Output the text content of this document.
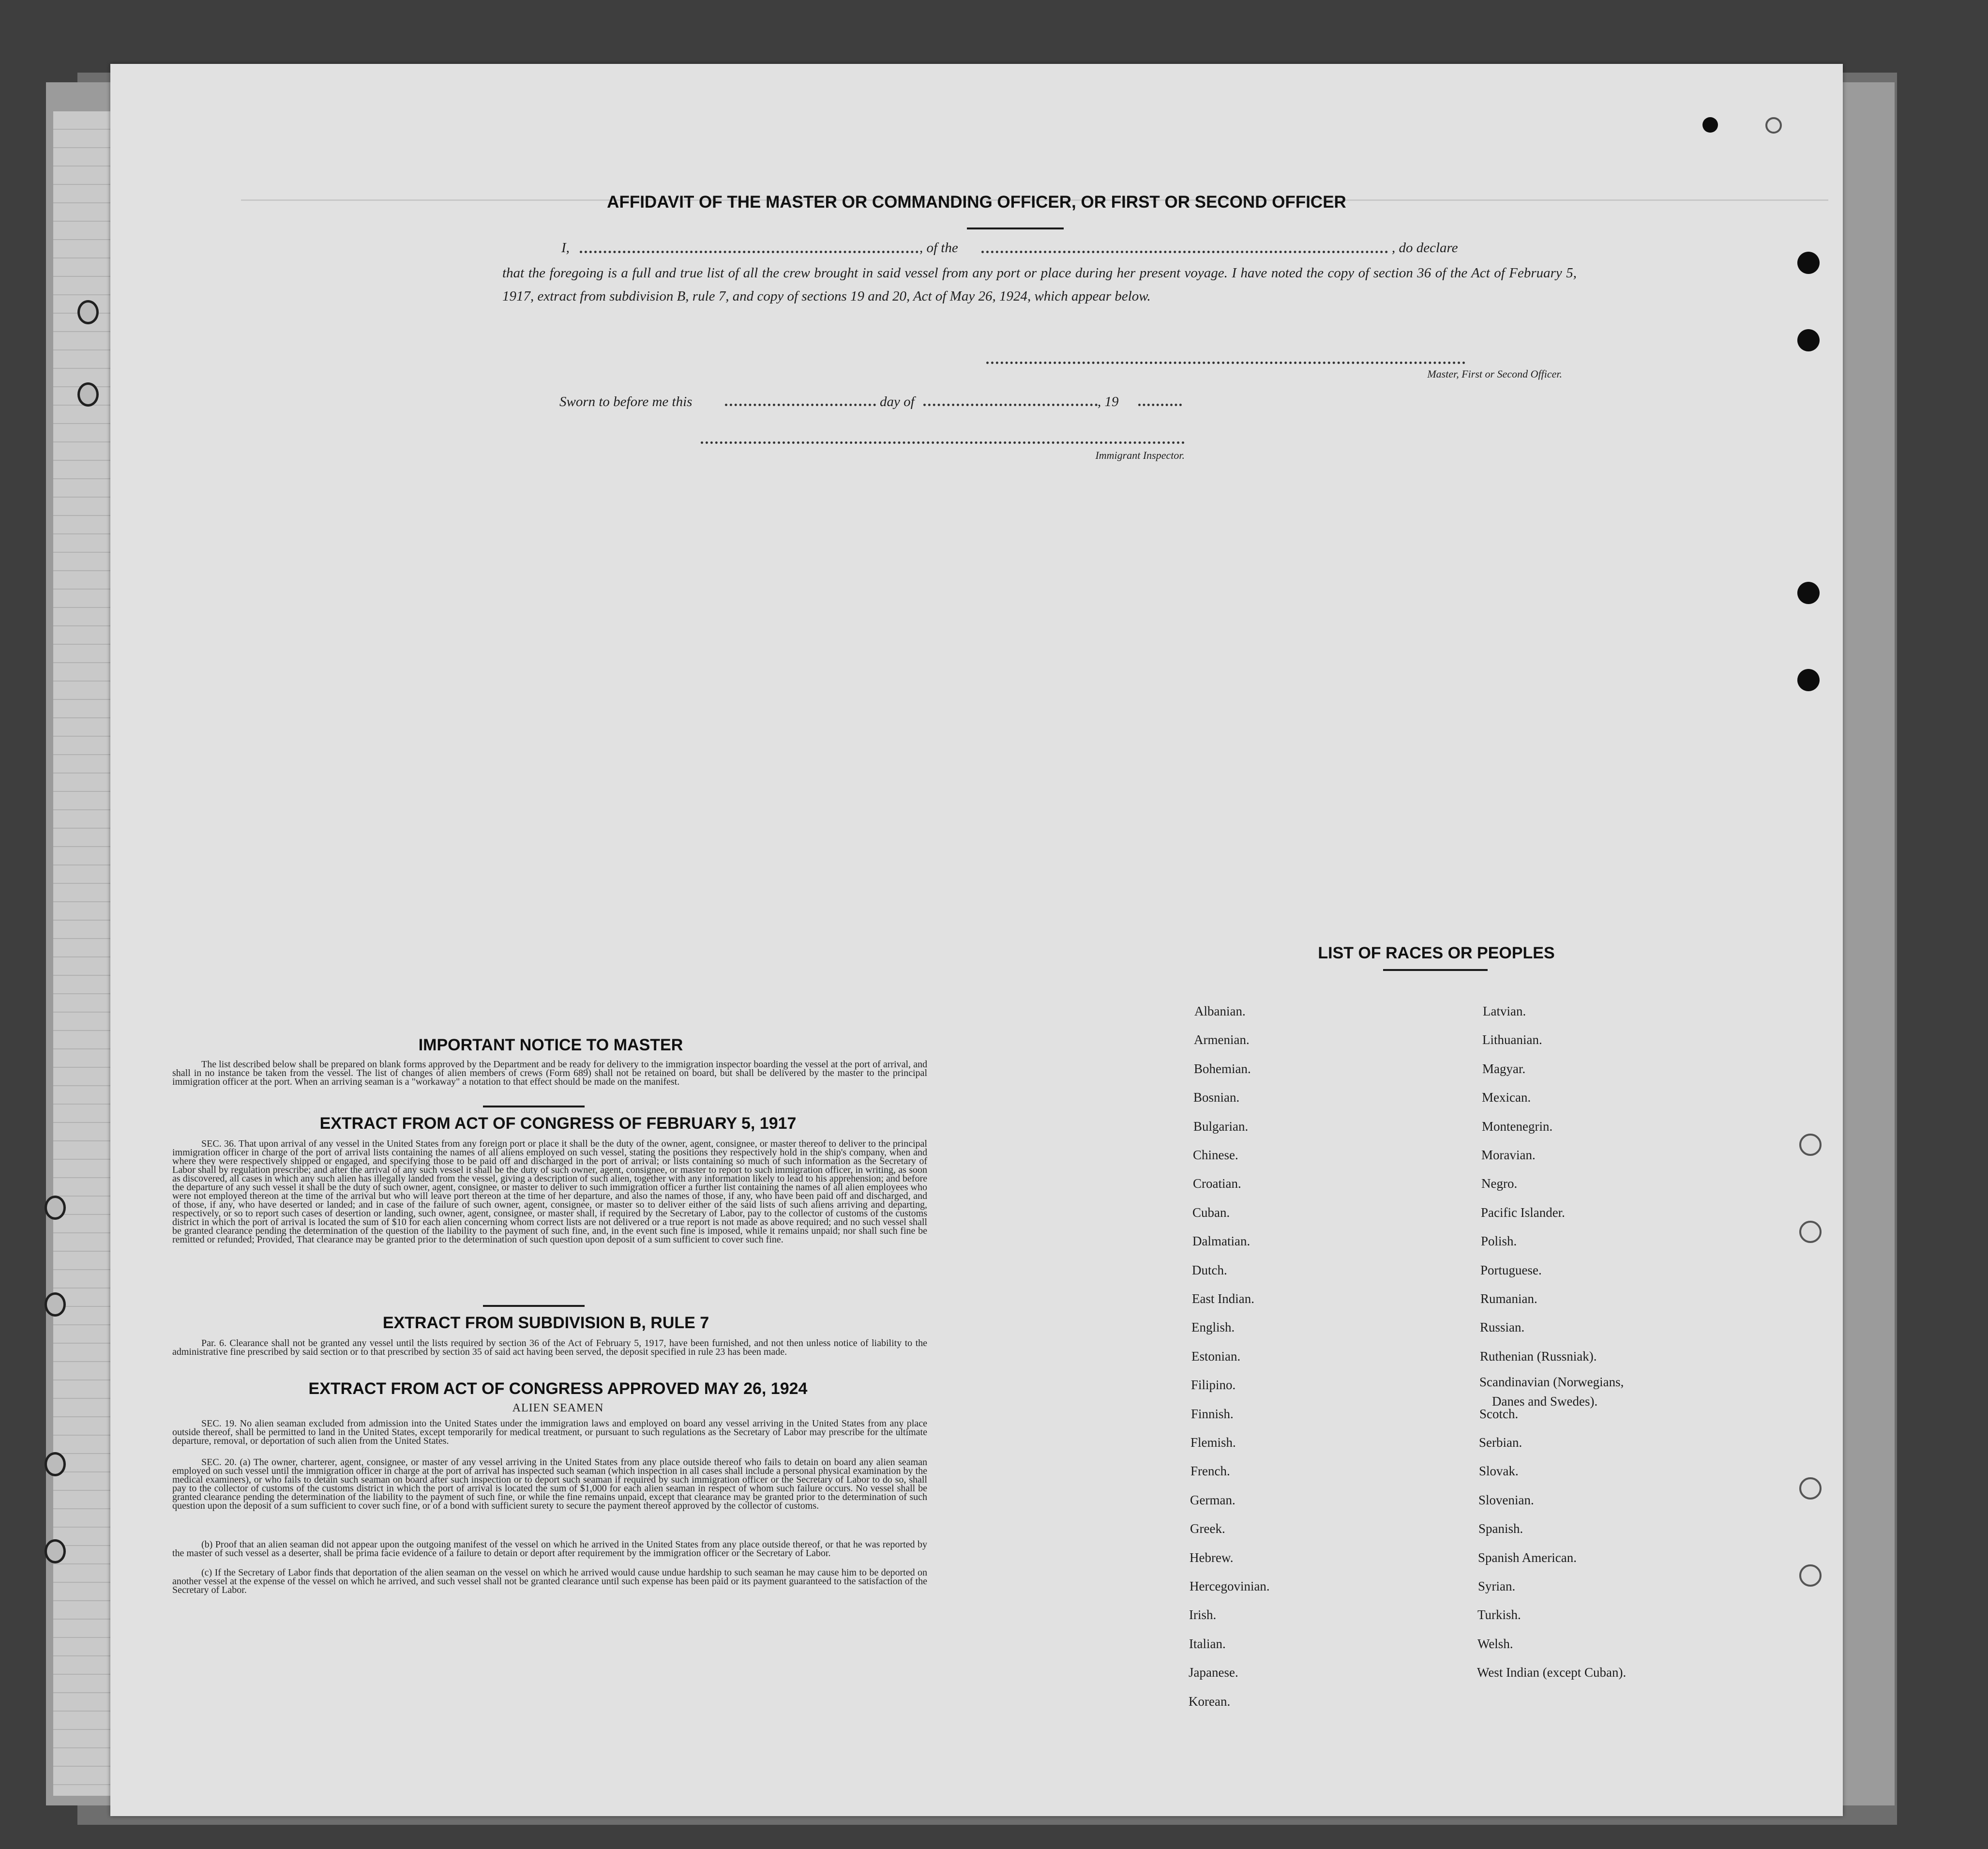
AFFIDAVIT OF THE MASTER OR COMMANDING OFFICER, OR FIRST OR SECOND OFFICER
I,	, of the	, do declare
that the foregoing is a full and true list of all the crew brought in said vessel from any port or place during her present voyage. I have noted the copy of section 36 of the Act of February 5, 1917, extract from subdivision B, rule 7, and copy of sections 19 and 20, Act of May 26, 1924, which appear below.
Master, First or Second Officer.
Sworn to before me this	day of	, 19
Immigrant Inspector.
IMPORTANT NOTICE TO MASTER
The list described below shall be prepared on blank forms approved by the Department and be ready for delivery to the immigration inspector boarding the vessel at the port of arrival, and shall in no instance be taken from the vessel. The list of changes of alien members of crews (Form 689) shall not be retained on board, but shall be delivered by the master to the principal immigration officer at the port. When an arriving seaman is a "workaway" a notation to that effect should be made on the manifest.
EXTRACT FROM ACT OF CONGRESS OF FEBRUARY 5, 1917
SEC. 36. That upon arrival of any vessel in the United States from any foreign port or place it shall be the duty of the owner, agent, consignee, or master thereof to deliver to the principal immigration officer in charge of the port of arrival lists containing the names of all aliens employed on such vessel, stating the positions they respectively hold in the ship's company, when and where they were respectively shipped or engaged, and specifying those to be paid off and discharged in the port of arrival; or lists containing so much of such information as the Secretary of Labor shall by regulation prescribe; and after the arrival of any such vessel it shall be the duty of such owner, agent, consignee, or master to report to such immigration officer, in writing, as soon as discovered, all cases in which any such alien has illegally landed from the vessel, giving a description of such alien, together with any information likely to lead to his apprehension; and before the departure of any such vessel it shall be the duty of such owner, agent, consignee, or master to deliver to such immigration officer a further list containing the names of all alien employees who were not employed thereon at the time of the arrival but who will leave port thereon at the time of her departure, and also the names of those, if any, who have been paid off and discharged, and of those, if any, who have deserted or landed; and in case of the failure of such owner, agent, consignee, or master so to deliver either of the said lists of such aliens arriving and departing, respectively, or so to report such cases of desertion or landing, such owner, agent, consignee, or master shall, if required by the Secretary of Labor, pay to the collector of customs of the customs district in which the port of arrival is located the sum of $10 for each alien concerning whom correct lists are not delivered or a true report is not made as above required; and no such vessel shall be granted clearance pending the determination of the question of the liability to the payment of such fine, and, in the event such fine is imposed, while it remains unpaid; nor shall such fine be remitted or refunded; Provided, That clearance may be granted prior to the determination of such question upon deposit of a sum sufficient to cover such fine.
EXTRACT FROM SUBDIVISION B, RULE 7
Par. 6. Clearance shall not be granted any vessel until the lists required by section 36 of the Act of February 5, 1917, have been furnished, and not then unless notice of liability to the administrative fine prescribed by said section or to that prescribed by section 35 of said act having been served, the deposit specified in rule 23 has been made.
EXTRACT FROM ACT OF CONGRESS APPROVED MAY 26, 1924
ALIEN SEAMEN
SEC. 19. No alien seaman excluded from admission into the United States under the immigration laws and employed on board any vessel arriving in the United States from any place outside thereof, shall be permitted to land in the United States, except temporarily for medical treatment, or pursuant to such regulations as the Secretary of Labor may prescribe for the ultimate departure, removal, or deportation of such alien from the United States.
SEC. 20. (a) The owner, charterer, agent, consignee, or master of any vessel arriving in the United States from any place outside thereof who fails to detain on board any alien seaman employed on such vessel until the immigration officer in charge at the port of arrival has inspected such seaman (which inspection in all cases shall include a personal physical examination by the medical examiners), or who fails to detain such seaman on board after such inspection or to deport such seaman if required by such immigration officer or the Secretary of Labor to do so, shall pay to the collector of customs of the customs district in which the port of arrival is located the sum of $1,000 for each alien seaman in respect of whom such failure occurs. No vessel shall be granted clearance pending the determination of the liability to the payment of such fine, or while the fine remains unpaid, except that clearance may be granted prior to the determination of such question upon the deposit of a sum sufficient to cover such fine, or of a bond with sufficient surety to secure the payment thereof approved by the collector of customs.
(b) Proof that an alien seaman did not appear upon the outgoing manifest of the vessel on which he arrived in the United States from any place outside thereof, or that he was reported by the master of such vessel as a deserter, shall be prima facie evidence of a failure to detain or deport after requirement by the immigration officer or the Secretary of Labor.
(c) If the Secretary of Labor finds that deportation of the alien seaman on the vessel on which he arrived would cause undue hardship to such seaman he may cause him to be deported on another vessel at the expense of the vessel on which he arrived, and such vessel shall not be granted clearance until such expense has been paid or its payment guaranteed to the satisfaction of the Secretary of Labor.
LIST OF RACES OR PEOPLES
Albanian.
Armenian.
Bohemian.
Bosnian.
Bulgarian.
Chinese.
Croatian.
Cuban.
Dalmatian.
Dutch.
East Indian.
English.
Estonian.
Filipino.
Finnish.
Flemish.
French.
German.
Greek.
Hebrew.
Hercegovinian.
Irish.
Italian.
Japanese.
Korean.
Latvian.
Lithuanian.
Magyar.
Mexican.
Montenegrin.
Moravian.
Negro.
Pacific Islander.
Polish.
Portuguese.
Rumanian.
Russian.
Ruthenian (Russniak).
Scandinavian (Norwegians,
Danes and Swedes).
Scotch.
Serbian.
Slovak.
Slovenian.
Spanish.
Spanish American.
Syrian.
Turkish.
Welsh.
West Indian (except Cuban).
